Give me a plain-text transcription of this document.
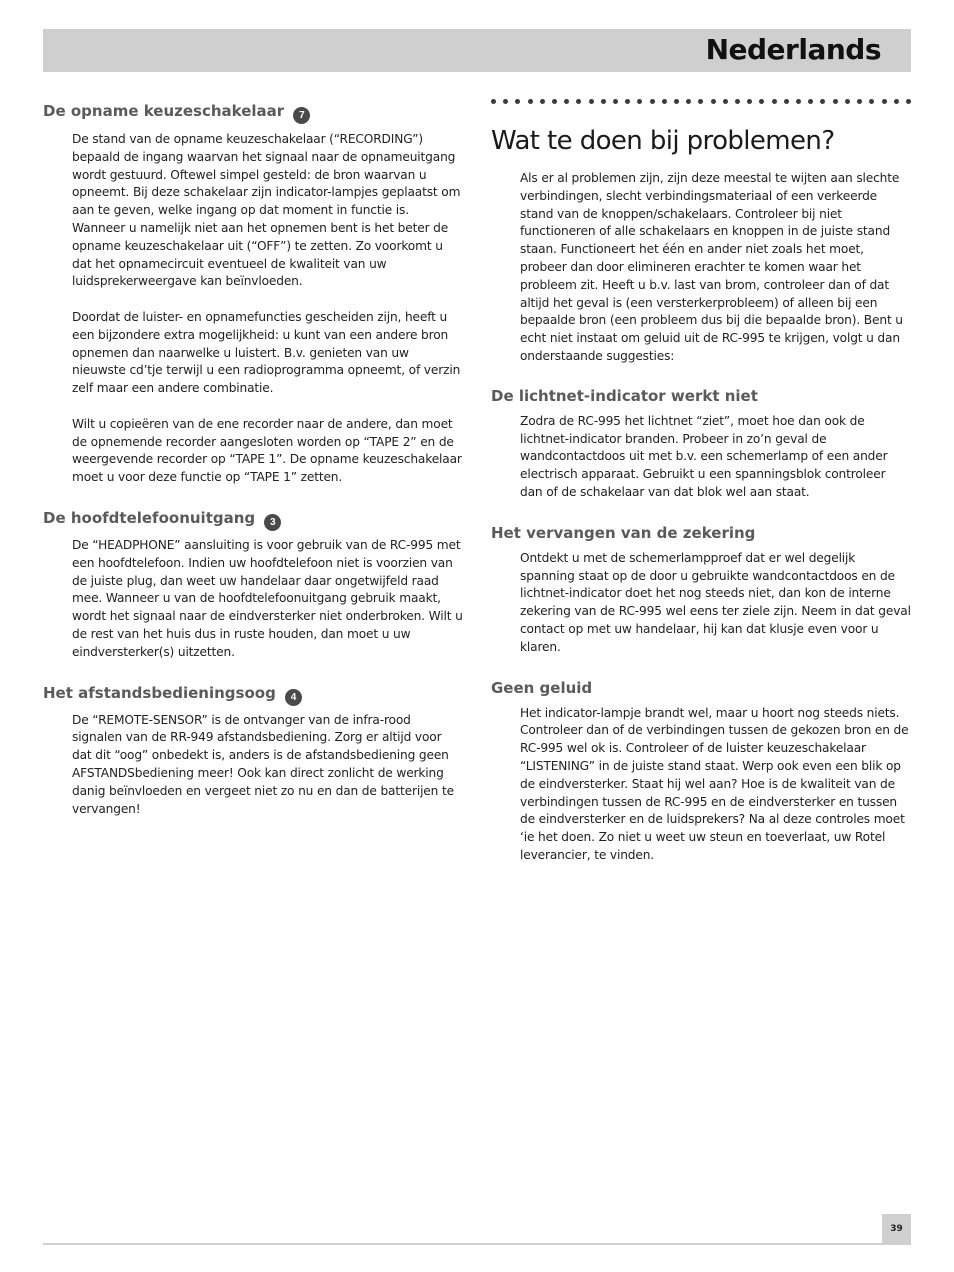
Nederlands
De opname keuzeschakelaar 7

De stand van de opname keuzeschakelaar (“RECORDING”) bepaald de ingang waarvan het signaal naar de opnameuitgang wordt gestuurd. Oftewel simpel gesteld: de bron waarvan u opneemt. Bij deze schakelaar zijn indicator-lampjes geplaatst om aan te geven, welke ingang op dat moment in functie is. Wanneer u namelijk niet aan het opnemen bent is het beter de opname keuzeschakelaar uit (“OFF”) te zetten. Zo voorkomt u dat het opnamecircuit eventueel de kwaliteit van uw luidsprekerweergave kan beïnvloeden.

Doordat de luister- en opnamefuncties gescheiden zijn, heeft u een bijzondere extra mogelijkheid: u kunt van een andere bron opnemen dan naarwelke u luistert. B.v. genieten van uw nieuwste cd’tje terwijl u een radioprogramma opneemt, of verzin zelf maar een andere combinatie.

Wilt u copieëren van de ene recorder naar de andere, dan moet de opnemende recorder aangesloten worden op “TAPE 2” en de weergevende recorder op “TAPE 1”. De opname keuzeschakelaar moet u voor deze functie op “TAPE 1” zetten.

De hoofdtelefoonuitgang 3

De “HEADPHONE” aansluiting is voor gebruik van de RC-995 met een hoofdtelefoon. Indien uw hoofdtelefoon niet is voorzien van de juiste plug, dan weet uw handelaar daar ongetwijfeld raad mee. Wanneer u van de hoofdtelefoonuitgang gebruik maakt, wordt het signaal naar de eindversterker niet onderbroken. Wilt u de rest van het huis dus in ruste houden, dan moet u uw eindversterker(s) uitzetten.

Het afstandsbedieningsoog 4

De “REMOTE-SENSOR” is de ontvanger van de infra-rood signalen van de RR-949 afstandsbediening. Zorg er altijd voor dat dit “oog” onbedekt is, anders is de afstandsbediening geen AFSTANDSbediening meer! Ook kan direct zonlicht de werking danig beïnvloeden en vergeet niet zo nu en dan de batterijen te vervangen!

Wat te doen bij problemen?

Als er al problemen zijn, zijn deze meestal te wijten aan slechte verbindingen, slecht verbindingsmateriaal of een verkeerde stand van de knoppen/schakelaars. Controleer bij niet functioneren of alle schakelaars en knoppen in de juiste stand staan. Functioneert het één en ander niet zoals het moet, probeer dan door elimineren erachter te komen waar het probleem zit. Heeft u b.v. last van brom, controleer dan of dat altijd het geval is (een versterkerprobleem) of alleen bij een bepaalde bron (een probleem dus bij die bepaalde bron). Bent u echt niet instaat om geluid uit de RC-995 te krijgen, volgt u dan onderstaande suggesties:

De lichtnet-indicator werkt niet

Zodra de RC-995 het lichtnet “ziet”, moet hoe dan ook de lichtnet-indicator branden. Probeer in zo’n geval de wandcontactdoos uit met b.v. een schemerlamp of een ander electrisch apparaat. Gebruikt u een spanningsblok controleer dan of de schakelaar van dat blok wel aan staat.

Het vervangen van de zekering

Ontdekt u met de schemerlampproef dat er wel degelijk spanning staat op de door u gebruikte wandcontactdoos en de lichtnet-indicator doet het nog steeds niet, dan kon de interne zekering van de RC-995 wel eens ter ziele zijn. Neem in dat geval contact op met uw handelaar, hij kan dat klusje even voor u klaren.

Geen geluid

Het indicator-lampje brandt wel, maar u hoort nog steeds niets. Controleer dan of de verbindingen tussen de gekozen bron en de RC-995 wel ok is. Controleer of de luister keuzeschakelaar “LISTENING” in de juiste stand staat. Werp ook even een blik op de eindversterker. Staat hij wel aan? Hoe is de kwaliteit van de verbindingen tussen de RC-995 en de eindversterker en tussen de eindversterker en de luidsprekers? Na al deze controles moet ‘ie het doen. Zo niet u weet uw steun en toeverlaat, uw Rotel leverancier, te vinden.

39
